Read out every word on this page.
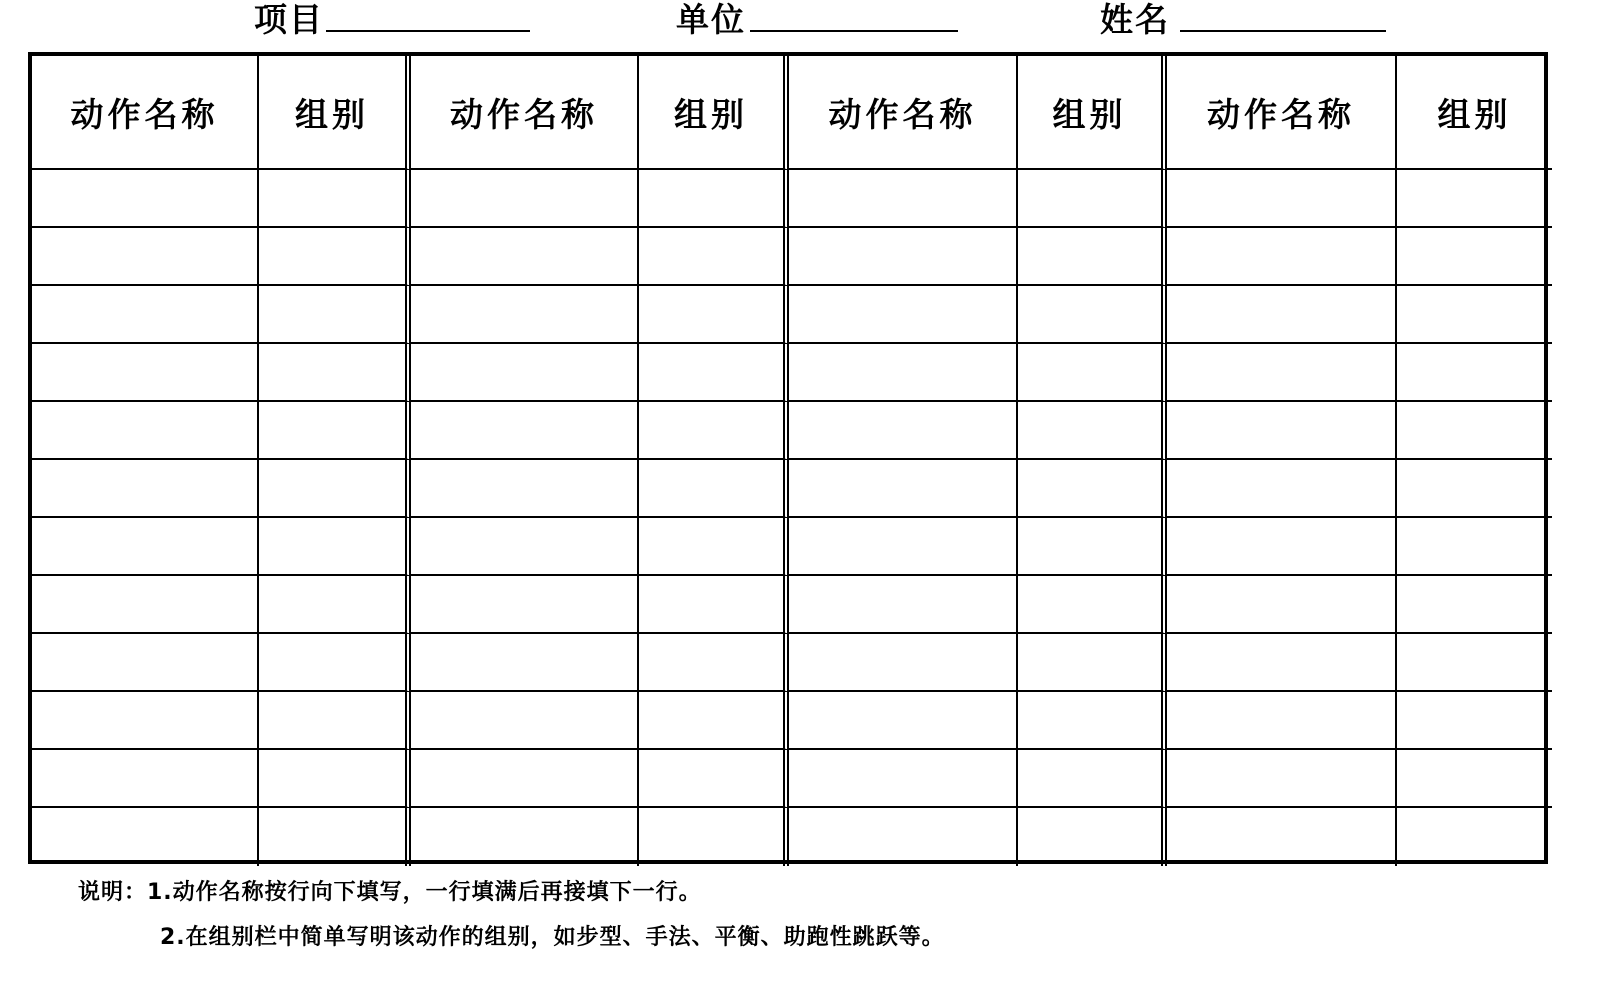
项目	单位	姓名
动作名称	组别	动作名称	组别	动作名称	组别	动作名称	组别
说明：1.动作名称按行向下填写，一行填满后再接填下一行。
2.在组别栏中简单写明该动作的组别，如步型、手法、平衡、助跑性跳跃等。
